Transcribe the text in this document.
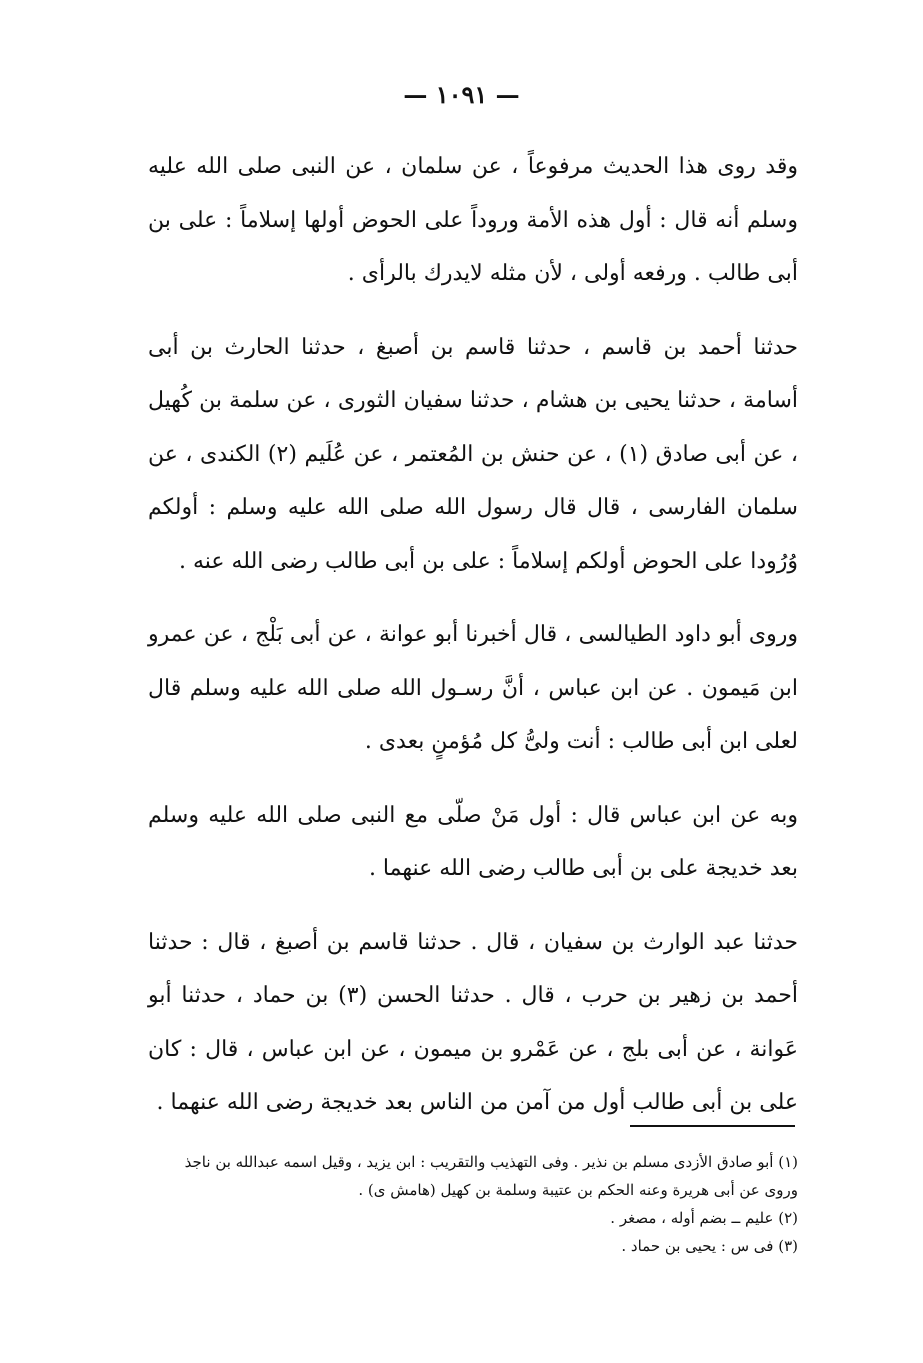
— ١٠٩١ —

وقد روى هذا الحديث مرفوعاً ، عن سلمان ، عن النبى صلى الله عليه وسلم أنه قال : أول هذه الأمة وروداً على الحوض أولها إسلاماً : على بن أبى طالب . ورفعه أولى ، لأن مثله لايدرك بالرأى .

حدثنا أحمد بن قاسم ، حدثنا قاسم بن أصبغ ، حدثنا الحارث بن أبى أسامة ، حدثنا يحيى بن هشام ، حدثنا سفيان الثورى ، عن سلمة بن كُهيل ، عن أبى صادق (١) ، عن حنش بن المُعتمر ، عن عُلَيم (٢) الكندى ، عن سلمان الفارسى ، قال قال رسول الله صلى الله عليه وسلم : أولكم وُرُودا على الحوض أولكم إسلاماً : على بن أبى طالب رضى الله عنه .

وروى أبو داود الطيالسى ، قال أخبرنا أبو عوانة ، عن أبى بَلْج ، عن عمرو ابن مَيمون . عن ابن عباس ، أنَّ رسـول الله صلى الله عليه وسلم قال لعلى ابن أبى طالب : أنت ولىُّ كل مُؤمنٍ بعدى .

وبه عن ابن عباس قال : أول مَنْ صلّى مع النبى صلى الله عليه وسلم بعد خديجة على بن أبى طالب رضى الله عنهما .

حدثنا عبد الوارث بن سفيان ، قال . حدثنا قاسم بن أصبغ ، قال : حدثنا أحمد بن زهير بن حرب ، قال . حدثنا الحسن (٣) بن حماد ، حدثنا أبو عَوانة ، عن أبى بلج ، عن عَمْرو بن ميمون ، عن ابن عباس ، قال : كان على بن أبى طالب أول من آمن من الناس بعد خديجة رضى الله عنهما .

(١) أبو صادق الأزدى مسلم بن نذير . وفى التهذيب والتقريب : ابن يزيد ، وقيل اسمه عبدالله بن ناجذ وروى عن أبى هريرة وعنه الحكم بن عتيبة وسلمة بن كهيل (هامش ى) .

(٢) عليم ــ بضم أوله ، مصغر .

(٣) فى س : يحيى بن حماد .
